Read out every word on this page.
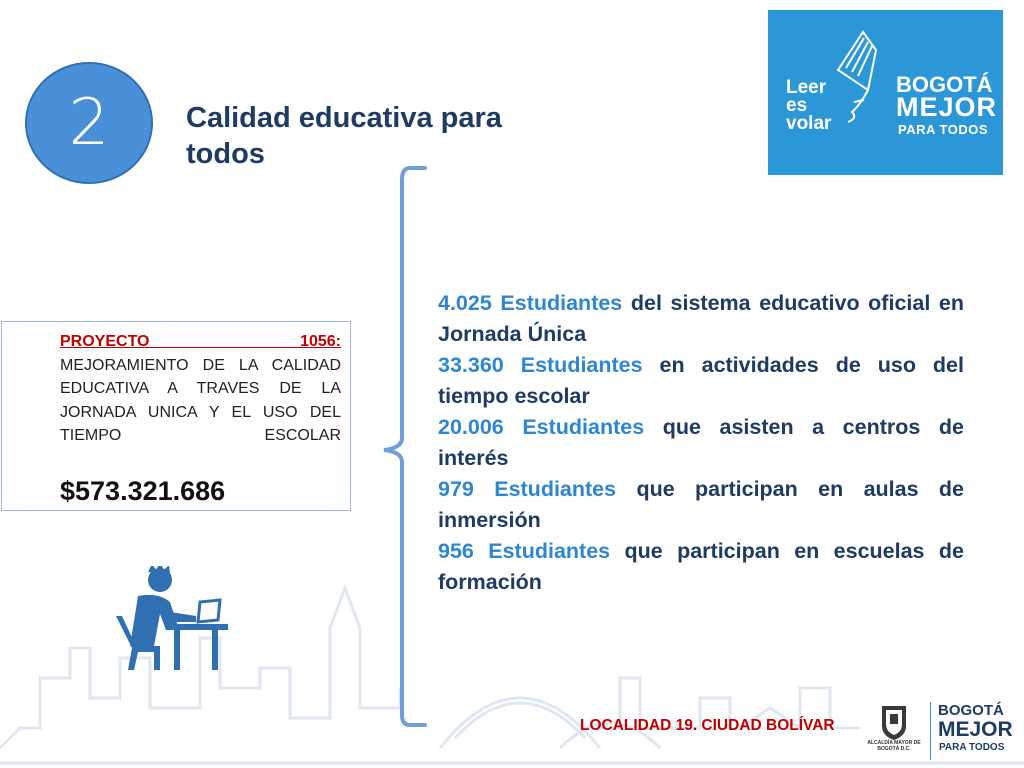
2	Calidad educativa para todos
Leer
es
volar
BOGOTÁ
MEJOR
PARA TODOS
PROYECTO 1056:
MEJORAMIENTO DE LA CALIDAD EDUCATIVA A TRAVES DE LA JORNADA UNICA Y EL USO DEL TIEMPO ESCOLAR
$573.321.686

4.025 Estudiantes del sistema educativo oficial en Jornada Única

33.360 Estudiantes en actividades de uso del tiempo escolar

20.006 Estudiantes que asisten a centros de interés

979 Estudiantes que participan en aulas de inmersión

956 Estudiantes que participan en escuelas de formación

LOCALIDAD 19. CIUDAD BOLÍVAR
ALCALDÍA MAYOR DE BOGOTÁ D.C.
BOGOTÁ
MEJOR
PARA TODOS
